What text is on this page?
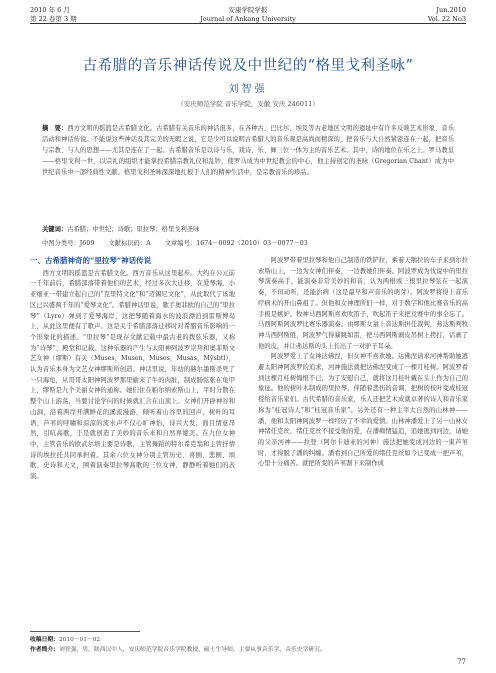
2010 年 6 月
第 22 卷第 3 期
安康学院学报
Journal of Ankang University
Jun.2010
Vol. 22 No3
古希腊的音乐神话传说及中世纪的“格里戈利圣咏”
刘智强
（安庆师范学院 音乐学院，安徽 安庆 246011）
摘　要：西方文明的摇篮是古希腊文化。古希腊有关音乐的神话很多，在各种古、巴比尔、埃及等古老地区文明的遗址中有许多反映艺术形象、音乐活动和神话传说。不能说这些神话及其完美的无暇之说，它是少可以说明古希腊人的音乐观是高尚而精深的，把音乐与大自然紧密连在一起，把音乐与宗教、与人的思想——尤其是连在了一起。古希腊音乐是以诗与乐，戏诗、乐、舞三位一体为主的音乐艺术。其中，诗的地位在乐之上。罗马教皇——格里戈利一世，以宗礼的组织才能掌控希腊宗教礼仪和乱钞，使罗马成为中世纪教会的中心，他主持创定的圣咏（Gregorian Chant）成为中世纪音乐中一部经典性文献。格里戈利圣咏深深地扎根于人们的精神生活中，是宗教音乐的珍品。
关键词：古希腊；中世纪；诗歌；里拉琴；格里戈利圣咏
中图分类号：J609 文献标识码：A 文章编号：1674－0092（2010）03－0077－03
一、古希腊神奇的“里拉琴”神话传说

西方文明的摇篮是古希腊文化。西方音乐从这里起步。大约在公元前一千年前后，希腊部落带着他们的艺术，经过多次大迁移，在爱琴海、小亚细亚一带建立起自己的“克里特文化”和“迈锡尼文化”，从此取代了该地区已兴盛两千年的“爱琴文化”。希腊神话里说，歌手奥菲欧的自己的“里拉琴”（Lyre）弹到了爱琴海岸，这把琴随着海水的波浪漂泊到雷斯博岛上，从此这里便有了歌声。这是关于希腊部落迁移时对希腊音乐影响的一个形象化的描述。“里拉琴”是现存文献记载中最古老的拨弦乐器，又称为“诗琴”、殿堂和记载。这种乐器的产生与太阳神阿波罗崇拜和奥菲斯文艺女神（缪斯）有关（Muses，Musen，Muses，Musas，Mȳsbtl），认为音乐本身为文艺女神缪斯所创造。神话里说，年幼的赫尔墨斯杀死了一只海龟，从哥哥太阳神阿波罗那里偷来了牛的肉脏，制成肠弦张在龟甲上，缪斯是九个美丽女神的通称。她们住在帕尔纳索斯山上，平时分散在整个山上游荡，当要讨论学问的时候就汇合在山顶上。女神们开辟神谷和山洞，沿着两岸开满鲜花的溪流漫游，倾听着山谷里的回声，树叶的耳语、芦苇的呼嘯和涼涼的流水声不仅心旷神怡，诗兴大发，面且情意昂然，引吭高歌，于是就创造了美妙的音乐来和自然界媲美。在九位女神中，主管音乐的欧武尔培主要是诗歌，主管舞蹈的特尔希克翁和主管抒情诗的埃拉托共同承担着。其余六位女神分别主管历史、喜剧、悲剧、颂歌、史诗和天文，围着演奏里拉琴高歌的三位女神，静静听着她们的表演。

阿波罗带着里拉琴和他自己制造的铁铲拉，乘着天鹅拉的车子来到尔拉索斯山上，一边为女神们伴奏，一边教她们伴奏。阿波罗成为伐说中的里拉琴演奏高手，能演奏非常美妙的和音，认为两根或三根里拉琴弦在一起演奏，不但动听，还能治病（这是最早和声音乐的萌芽）。阿波罗将得上音乐疗病术的开山鼻祖了。但他和女神理所们一样，对于数字和他比赛音乐的高手极是嫉妒。牧神马西阿斯喜欢吹笛子，吹起笛子来把竞赛中的事全忘了。马西阿斯阿波罗比赛乐器演奏。由缪斯女童上音达斯担任裁判，弗达斯判牧神马西阿斯胜，阿波罗气得暴跳如雷，把马西阿斯剥皮吊树上拷打，话剥了他的皮，并让弗达斯的头上长出了一对驴子耳朵。

阿波罗爱上了女神达佛涅，但女神不喜欢她。达佛涅请求河神帮助她逃避太阳神阿波罗的追求，河神施法就把达佛涅变成了一棵月桂树。阿波罗看到这棵月桂树悔恨不已，为了安慰自己，就将这月桂叶戴在头上作为自己的象征。他的树叶木制成的里拉琴，伴随着悲伤的音调，把树的枝叶变成桂冠授给音乐家们。古代希腊的音乐家，乐人还把艺术成就卓著的诗人和音乐家称为“桂冠诗人”和“桂冠音乐家”。另外还有一种主宰大自然的山林神——潘，他和太阳神阿波罗一样经历了不幸的爱情。山林神潘爱上了另一山林女神绪任克丝，绪任克丝不接受他的爱，在潘痴情猛追，追她逃到河边，请她的父亲河神——拉登（阿尔卡迪亚的河神）施法把她变成河边的一束芦苇时，才得脱了潘的纠缠。潘看到自己所爱的绪任克丝如今已变成一把芦苇，心里十分痛苦。就把所变的芦苇割下来制作成

收稿日期：2010－01－02
作者简介：刘智强，男，陕西汉中人，安庆师范学院音乐学院教授，硕士生导师，主要从事音乐学、音乐史学研究。
77
